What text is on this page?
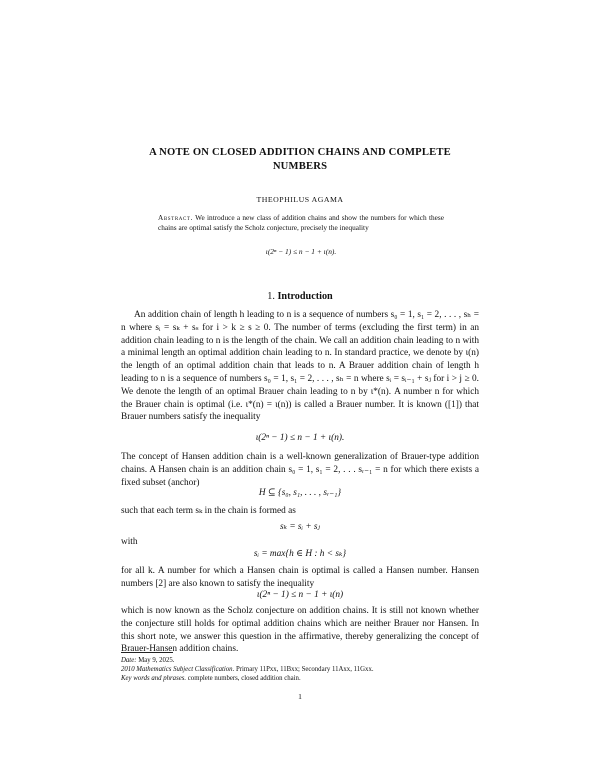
A NOTE ON CLOSED ADDITION CHAINS AND COMPLETE
NUMBERS
THEOPHILUS AGAMA
Abstract. We introduce a new class of addition chains and show the numbers for which these chains are optimal satisfy the Scholz conjecture, precisely the inequality
ι(2ⁿ − 1) ≤ n − 1 + ι(n).
1. Introduction
An addition chain of length h leading to n is a sequence of numbers s₀ = 1, s₁ = 2, . . . , sₕ = n where sᵢ = sₖ + sₛ for i > k ≥ s ≥ 0. The number of terms (excluding the first term) in an addition chain leading to n is the length of the chain. We call an addition chain leading to n with a minimal length an optimal addition chain leading to n. In standard practice, we denote by ι(n) the length of an optimal addition chain that leads to n. A Brauer addition chain of length h leading to n is a sequence of numbers s₀ = 1, s₁ = 2, . . . , sₕ = n where sᵢ = sᵢ₋₁ + sⱼ for i > j ≥ 0. We denote the length of an optimal Brauer chain leading to n by ι*(n). A number n for which the Brauer chain is optimal (i.e. ι*(n) = ι(n)) is called a Brauer number. It is known ([1]) that Brauer numbers satisfy the inequality
ι(2ⁿ − 1) ≤ n − 1 + ι(n).
The concept of Hansen addition chain is a well-known generalization of Brauer-type addition chains. A Hansen chain is an addition chain s₀ = 1, s₁ = 2, . . . sᵣ₋₁ = n for which there exists a fixed subset (anchor)
H ⊆ {s₀, s₁, . . . , sᵣ₋₁}
such that each term sₖ in the chain is formed as
sₖ = sᵢ + sⱼ
with
sᵢ = max{h ∈ H : h < sₖ}
for all k. A number for which a Hansen chain is optimal is called a Hansen number. Hansen numbers [2] are also known to satisfy the inequality
ι(2ⁿ − 1) ≤ n − 1 + ι(n)
which is now known as the Scholz conjecture on addition chains. It is still not known whether the conjecture still holds for optimal addition chains which are neither Brauer nor Hansen. In this short note, we answer this question in the affirmative, thereby generalizing the concept of Brauer-Hansen addition chains.
Date: May 9, 2025.
2010 Mathematics Subject Classification. Primary 11Pxx, 11Bxx; Secondary 11Axx, 11Gxx.
Key words and phrases. complete numbers, closed addition chain.
1
